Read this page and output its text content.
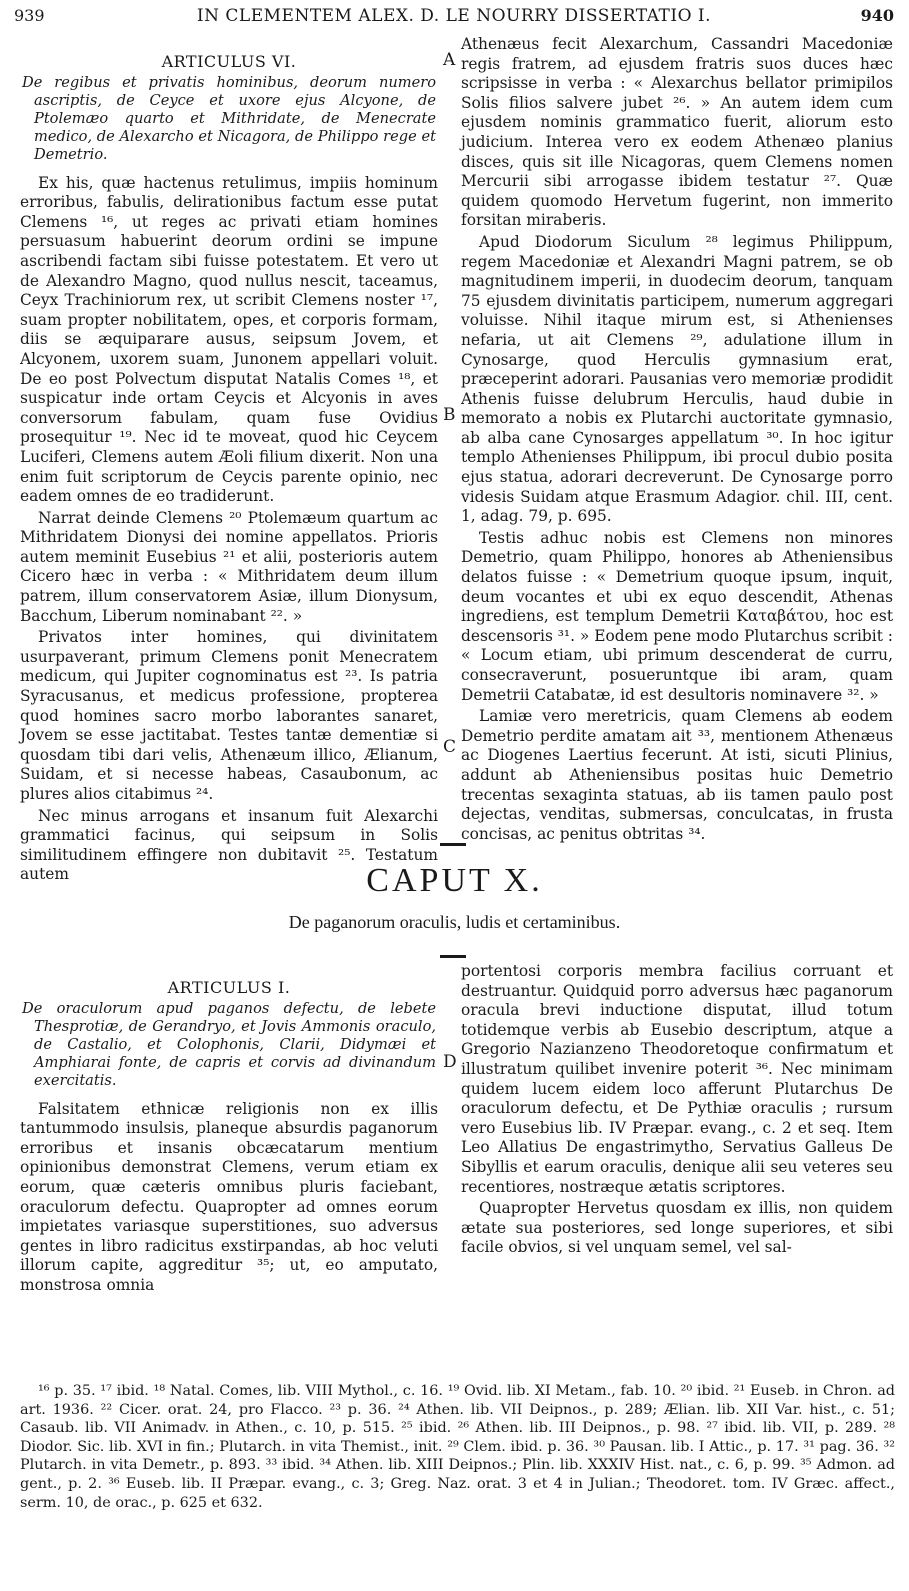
939	IN CLEMENTEM ALEX. D. LE NOURRY DISSERTATIO I.	940
A
B
C
D
ARTICULUS VI.
De regibus et privatis hominibus, deorum numero ascriptis, de Ceyce et uxore ejus Alcyone, de Ptolemæo quarto et Mithridate, de Menecrate medico, de Alexarcho et Nicagora, de Philippo rege et Demetrio.

Ex his, quæ hactenus retulimus, impiis hominum erroribus, fabulis, delirationibus factum esse putat Clemens ¹⁶, ut reges ac privati etiam homines persuasum habuerint deorum ordini se impune ascribendi factam sibi fuisse potestatem. Et vero ut de Alexandro Magno, quod nullus nescit, taceamus, Ceyx Trachiniorum rex, ut scribit Clemens noster ¹⁷, suam propter nobilitatem, opes, et corporis formam, diis se æquiparare ausus, seipsum Jovem, et Alcyonem, uxorem suam, Junonem appellari voluit. De eo post Polvectum disputat Natalis Comes ¹⁸, et suspicatur inde ortam Ceycis et Alcyonis in aves conversorum fabulam, quam fuse Ovidius prosequitur ¹⁹. Nec id te moveat, quod hic Ceycem Luciferi, Clemens autem Æoli filium dixerit. Non una enim fuit scriptorum de Ceycis parente opinio, nec eadem omnes de eo tradiderunt.

Narrat deinde Clemens ²⁰ Ptolemæum quartum ac Mithridatem Dionysi dei nomine appellatos. Prioris autem meminit Eusebius ²¹ et alii, posterioris autem Cicero hæc in verba : « Mithridatem deum illum patrem, illum conservatorem Asiæ, illum Dionysum, Bacchum, Liberum nominabant ²². »

Privatos inter homines, qui divinitatem usurpaverant, primum Clemens ponit Menecratem medicum, qui Jupiter cognominatus est ²³. Is patria Syracusanus, et medicus professione, propterea quod homines sacro morbo laborantes sanaret, Jovem se esse jactitabat. Testes tantæ dementiæ si quosdam tibi dari velis, Athenæum illico, Ælianum, Suidam, et si necesse habeas, Casaubonum, ac plures alios citabimus ²⁴.

Nec minus arrogans et insanum fuit Alexarchi grammatici facinus, qui seipsum in Solis similitudinem effingere non dubitavit ²⁵. Testatum autem

Athenæus fecit Alexarchum, Cassandri Macedoniæ regis fratrem, ad ejusdem fratris suos duces hæc scripsisse in verba : « Alexarchus bellator primipilos Solis filios salvere jubet ²⁶. » An autem idem cum ejusdem nominis grammatico fuerit, aliorum esto judicium. Interea vero ex eodem Athenæo planius disces, quis sit ille Nicagoras, quem Clemens nomen Mercurii sibi arrogasse ibidem testatur ²⁷. Quæ quidem quomodo Hervetum fugerint, non immerito forsitan miraberis.

Apud Diodorum Siculum ²⁸ legimus Philippum, regem Macedoniæ et Alexandri Magni patrem, se ob magnitudinem imperii, in duodecim deorum, tanquam 75 ejusdem divinitatis participem, numerum aggregari voluisse. Nihil itaque mirum est, si Athenienses nefaria, ut ait Clemens ²⁹, adulatione illum in Cynosarge, quod Herculis gymnasium erat, præceperint adorari. Pausanias vero memoriæ prodidit Athenis fuisse delubrum Herculis, haud dubie in memorato a nobis ex Plutarchi auctoritate gymnasio, ab alba cane Cynosarges appellatum ³⁰. In hoc igitur templo Athenienses Philippum, ibi procul dubio posita ejus statua, adorari decreverunt. De Cynosarge porro videsis Suidam atque Erasmum Adagior. chil. III, cent. 1, adag. 79, p. 695.

Testis adhuc nobis est Clemens non minores Demetrio, quam Philippo, honores ab Atheniensibus delatos fuisse : « Demetrium quoque ipsum, inquit, deum vocantes et ubi ex equo descendit, Athenas ingrediens, est templum Demetrii Καταβάτου, hoc est descensoris ³¹. » Eodem pene modo Plutarchus scribit : « Locum etiam, ubi primum descenderat de curru, consecraverunt, posueruntque ibi aram, quam Demetrii Catabatæ, id est desultoris nominavere ³². »

Lamiæ vero meretricis, quam Clemens ab eodem Demetrio perdite amatam ait ³³, mentionem Athenæus ac Diogenes Laertius fecerunt. At isti, sicuti Plinius, addunt ab Atheniensibus positas huic Demetrio trecentas sexaginta statuas, ab iis tamen paulo post dejectas, venditas, submersas, conculcatas, in frusta concisas, ac penitus obtritas ³⁴.

CAPUT X.
De paganorum oraculis, ludis et certaminibus.
ARTICULUS I.
De oraculorum apud paganos defectu, de lebete Thesprotiæ, de Gerandryo, et Jovis Ammonis oraculo, de Castalio, et Colophonis, Clarii, Didymæi et Amphiarai fonte, de capris et corvis ad divinandum exercitatis.

Falsitatem ethnicæ religionis non ex illis tantummodo insulsis, planeque absurdis paganorum erroribus et insanis obcæcatarum mentium opinionibus demonstrat Clemens, verum etiam ex eorum, quæ cæteris omnibus pluris faciebant, oraculorum defectu. Quapropter ad omnes eorum impietates variasque superstitiones, suo adversus gentes in libro radicitus exstirpandas, ab hoc veluti illorum capite, aggreditur ³⁵; ut, eo amputato, monstrosa omnia

portentosi corporis membra facilius corruant et destruantur. Quidquid porro adversus hæc paganorum oracula brevi inductione disputat, illud totum totidemque verbis ab Eusebio descriptum, atque a Gregorio Nazianzeno Theodoretoque confirmatum et illustratum quilibet invenire poterit ³⁶. Nec minimam quidem lucem eidem loco afferunt Plutarchus De oraculorum defectu, et De Pythiæ oraculis ; rursum vero Eusebius lib. IV Præpar. evang., c. 2 et seq. Item Leo Allatius De engastrimytho, Servatius Galleus De Sibyllis et earum oraculis, denique alii seu veteres seu recentiores, nostræque ætatis scriptores.

Quapropter Hervetus quosdam ex illis, non quidem ætate sua posteriores, sed longe superiores, et sibi facile obvios, si vel unquam semel, vel sal-

¹⁶ p. 35. ¹⁷ ibid. ¹⁸ Natal. Comes, lib. VIII Mythol., c. 16. ¹⁹ Ovid. lib. XI Metam., fab. 10. ²⁰ ibid. ²¹ Euseb. in Chron. ad art. 1936. ²² Cicer. orat. 24, pro Flacco. ²³ p. 36. ²⁴ Athen. lib. VII Deipnos., p. 289; Ælian. lib. XII Var. hist., c. 51; Casaub. lib. VII Animadv. in Athen., c. 10, p. 515. ²⁵ ibid. ²⁶ Athen. lib. III Deipnos., p. 98. ²⁷ ibid. lib. VII, p. 289. ²⁸ Diodor. Sic. lib. XVI in fin.; Plutarch. in vita Themist., init. ²⁹ Clem. ibid. p. 36. ³⁰ Pausan. lib. I Attic., p. 17. ³¹ pag. 36. ³² Plutarch. in vita Demetr., p. 893. ³³ ibid. ³⁴ Athen. lib. XIII Deipnos.; Plin. lib. XXXIV Hist. nat., c. 6, p. 99. ³⁵ Admon. ad gent., p. 2. ³⁶ Euseb. lib. II Præpar. evang., c. 3; Greg. Naz. orat. 3 et 4 in Julian.; Theodoret. tom. IV Græc. affect., serm. 10, de orac., p. 625 et 632.
